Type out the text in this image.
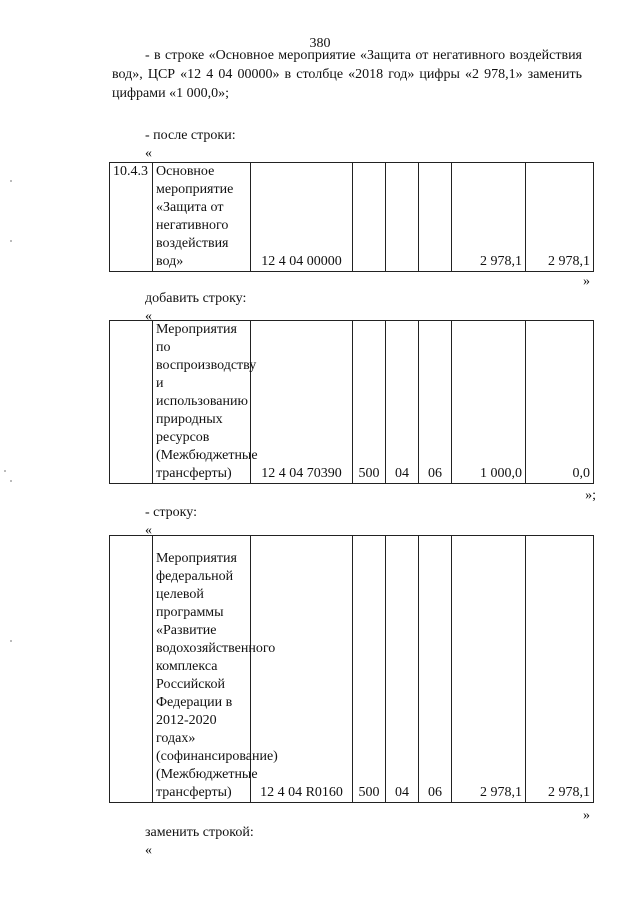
380
- в строке «Основное мероприятие «Защита от негативного воздействия вод», ЦСР «12 4 04 00000» в столбце «2018 год» цифры «2 978,1» заменить цифрами «1 000,0»;
- после строки:
«
10.4.3	Основное мероприятие «Защита от негативного воздействия вод»	12 4 04 00000				2 978,1	2 978,1
»
добавить строку:
«
	Мероприятия по воспроизводству и использованию природных ресурсов (Межбюджетные трансферты)	12 4 04 70390	500	04	06	1 000,0	0,0
»;
- строку:
«
	Мероприятия федеральной целевой программы «Развитие водохозяйственного комплекса Российской Федерации в 2012-2020 годах» (софинансирование) (Межбюджетные трансферты)	12 4 04 R0160	500	04	06	2 978,1	2 978,1
»
заменить строкой:
«
